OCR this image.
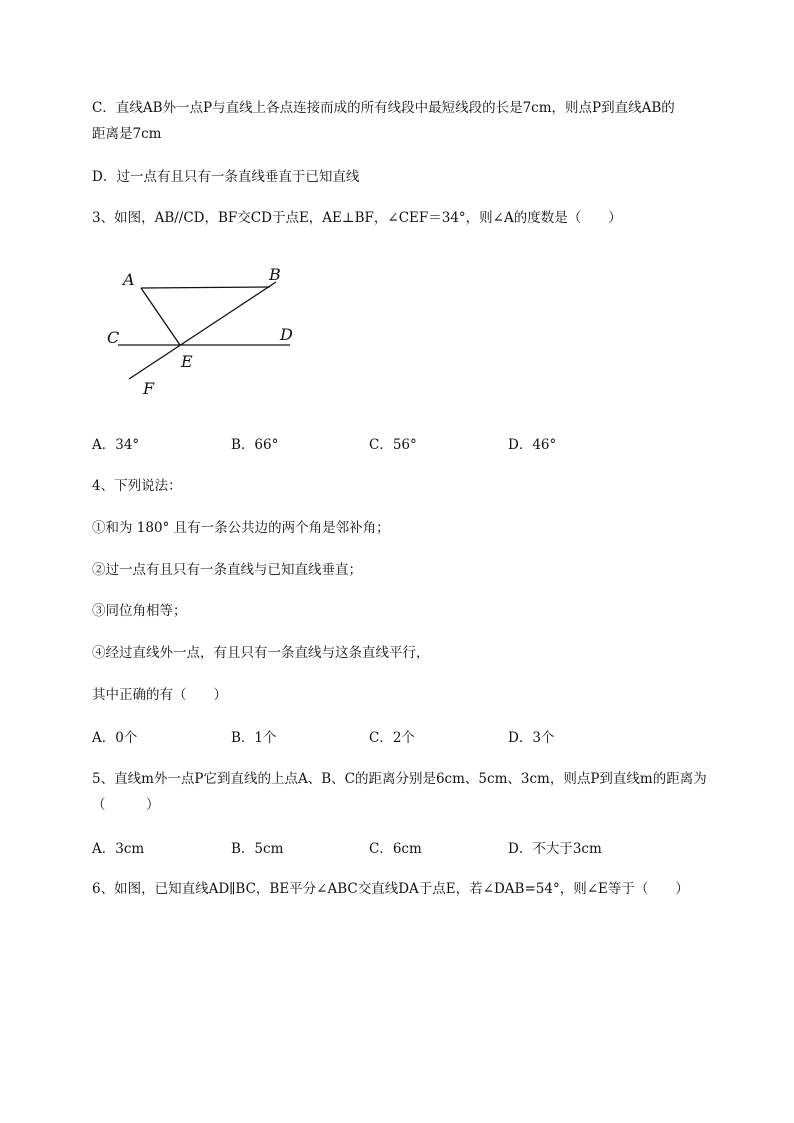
C．直线AB外一点P与直线上各点连接而成的所有线段中最短线段的长是7cm，则点P到直线AB的
距离是7cm
D．过一点有且只有一条直线垂直于已知直线
3、如图，AB//CD，BF交CD于点E，AE⊥BF，∠CEF＝34°，则∠A的度数是（　　）
A	B
C	D
E
F
A．34°	B．66°	C．56°	D．46°
4、下列说法：
①和为 180° 且有一条公共边的两个角是邻补角；
②过一点有且只有一条直线与已知直线垂直；
③同位角相等；
④经过直线外一点，有且只有一条直线与这条直线平行，
其中正确的有（　　）
A．0个	B．1个	C．2个	D．3个
5、直线m外一点P它到直线的上点A、B、C的距离分别是6cm、5cm、3cm，则点P到直线m的距离为（　　　）
A．3cm	B．5cm	C．6cm	D．不大于3cm
6、如图，已知直线AD∥BC，BE平分∠ABC交直线DA于点E，若∠DAB=54°，则∠E等于（　　）
